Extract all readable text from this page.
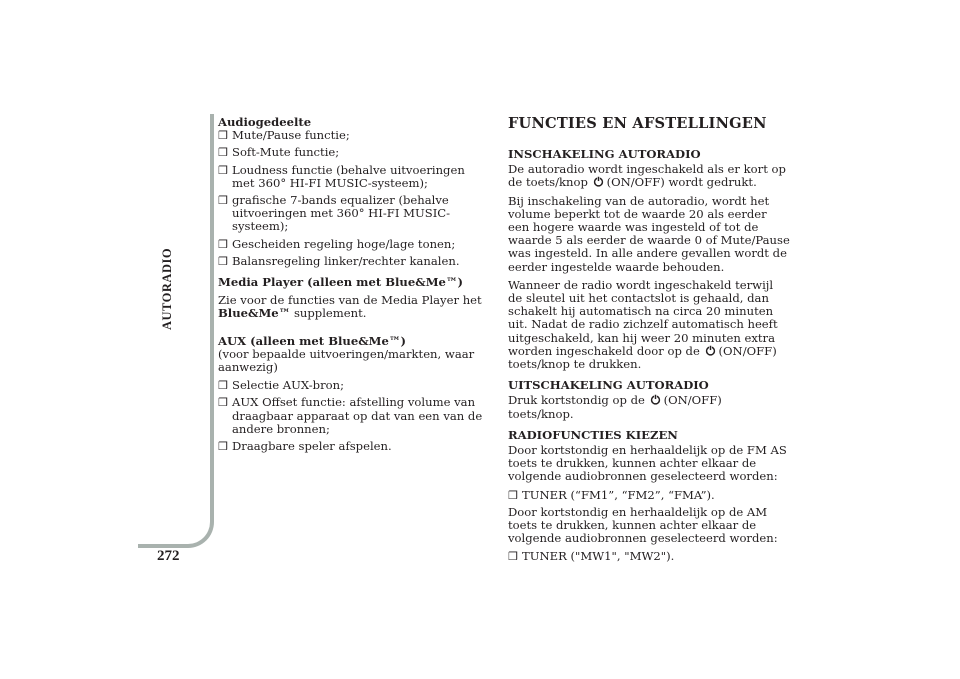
AUTORADIO
272

Audiogedeelte

❒ Mute/Pause functie;
❒ Soft-Mute functie;
❒ Loudness functie (behalve uitvoeringen met 360° HI-FI MUSIC-systeem);
❒ grafische 7-bands equalizer (behalve uitvoeringen met 360° HI-FI MUSIC-systeem);
❒ Gescheiden regeling hoge/lage tonen;
❒ Balansregeling linker/rechter kanalen.

Media Player (alleen met Blue&Me™)

Zie voor de functies van de Media Player het Blue&Me™ supplement.

AUX (alleen met Blue&Me™)

(voor bepaalde uitvoeringen/markten, waar aanwezig)

❒ Selectie AUX-bron;
❒ AUX Offset functie: afstelling volume van draagbaar apparaat op dat van een van de andere bronnen;
❒ Draagbare speler afspelen.
FUNCTIES EN AFSTELLINGEN

INSCHAKELING AUTORADIO

De autoradio wordt ingeschakeld als er kort op de toets/knop (ON/OFF) wordt gedrukt.

Bij inschakeling van de autoradio, wordt het volume beperkt tot de waarde 20 als eerder een hogere waarde was ingesteld of tot de waarde 5 als eerder de waarde 0 of Mute/Pause was ingesteld. In alle andere gevallen wordt de eerder ingestelde waarde behouden.

Wanneer de radio wordt ingeschakeld terwijl de sleutel uit het contactslot is gehaald, dan schakelt hij automatisch na circa 20 minuten uit. Nadat de radio zichzelf automatisch heeft uitgeschakeld, kan hij weer 20 minuten extra worden ingeschakeld door op de (ON/OFF) toets/knop te drukken.

UITSCHAKELING AUTORADIO

Druk kortstondig op de (ON/OFF) toets/knop.

RADIOFUNCTIES KIEZEN

Door kortstondig en herhaaldelijk op de FM AS toets te drukken, kunnen achter elkaar de volgende audiobronnen geselecteerd worden:

❒ TUNER (“FM1”, “FM2”, “FMA”).

Door kortstondig en herhaaldelijk op de AM toets te drukken, kunnen achter elkaar de volgende audiobronnen geselecteerd worden:

❒ TUNER ("MW1", "MW2").
